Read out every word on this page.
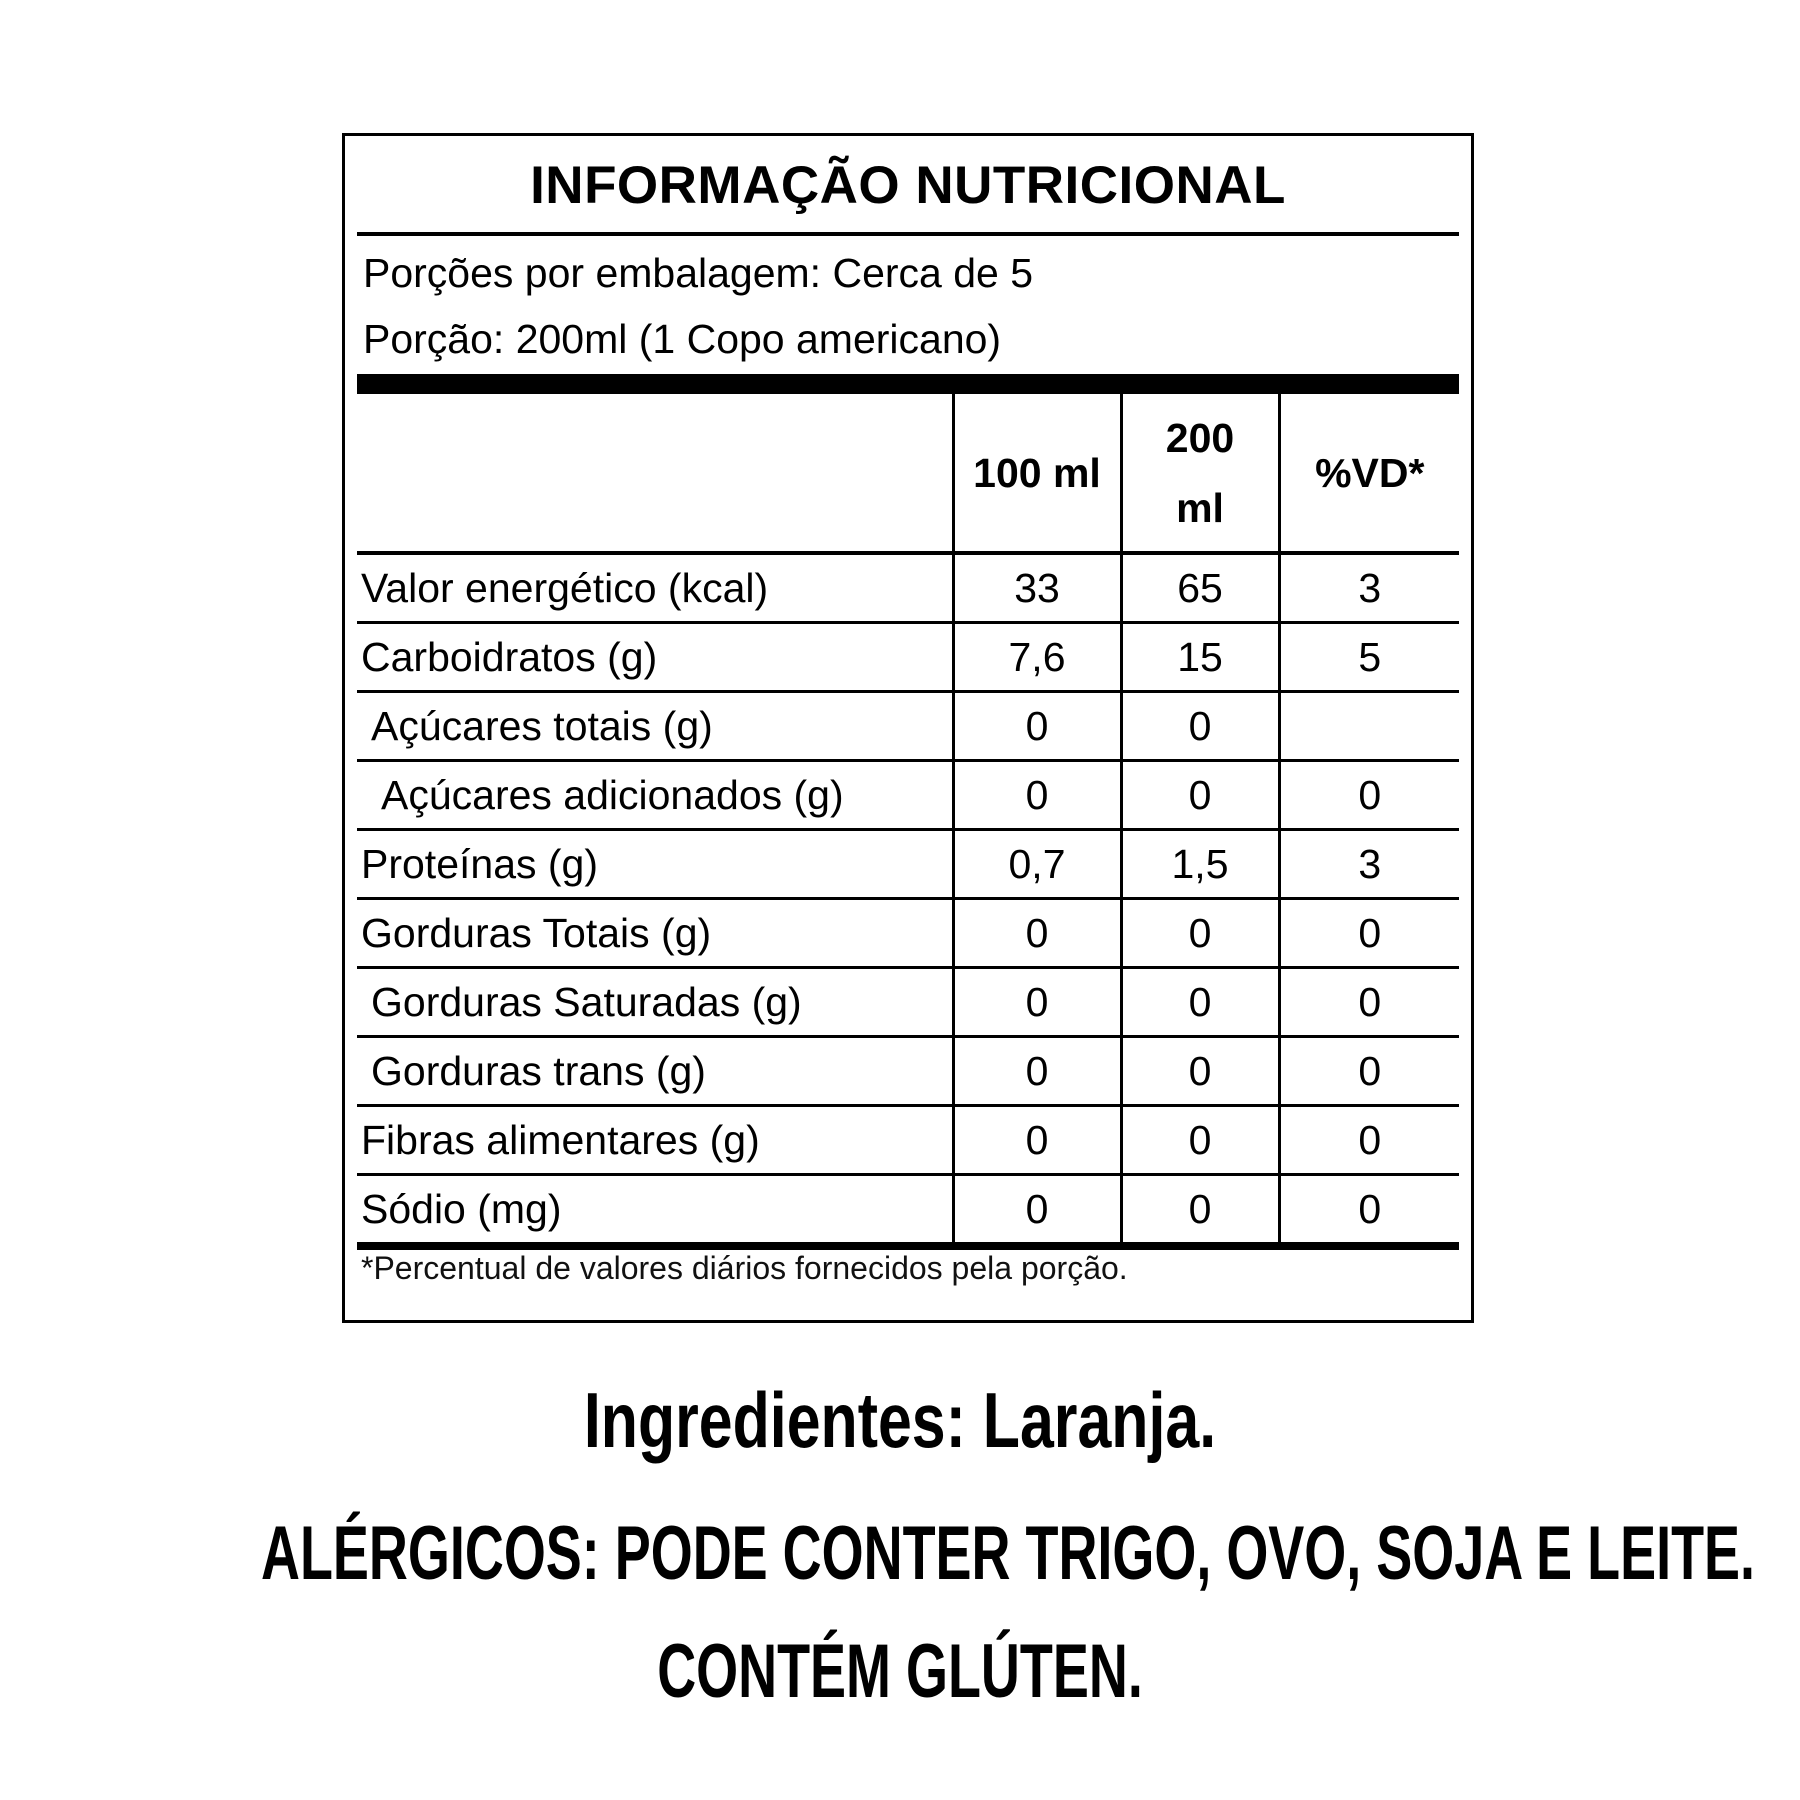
INFORMAÇÃO NUTRICIONAL
Porções por embalagem: Cerca de 5
Porção: 200ml (1 Copo americano)
	100 ml	200 ml	%VD*
Valor energético (kcal)	33	65	3
Carboidratos (g)	7,6	15	5
Açúcares totais (g)	0	0	
Açúcares adicionados (g)	0	0	0
Proteínas (g)	0,7	1,5	3
Gorduras Totais (g)	0	0	0
Gorduras Saturadas (g)	0	0	0
Gorduras trans (g)	0	0	0
Fibras alimentares (g)	0	0	0
Sódio (mg)	0	0	0
*Percentual de valores diários fornecidos pela porção.
Ingredientes: Laranja.
ALÉRGICOS: PODE CONTER TRIGO, OVO, SOJA E LEITE.
CONTÉM GLÚTEN.
